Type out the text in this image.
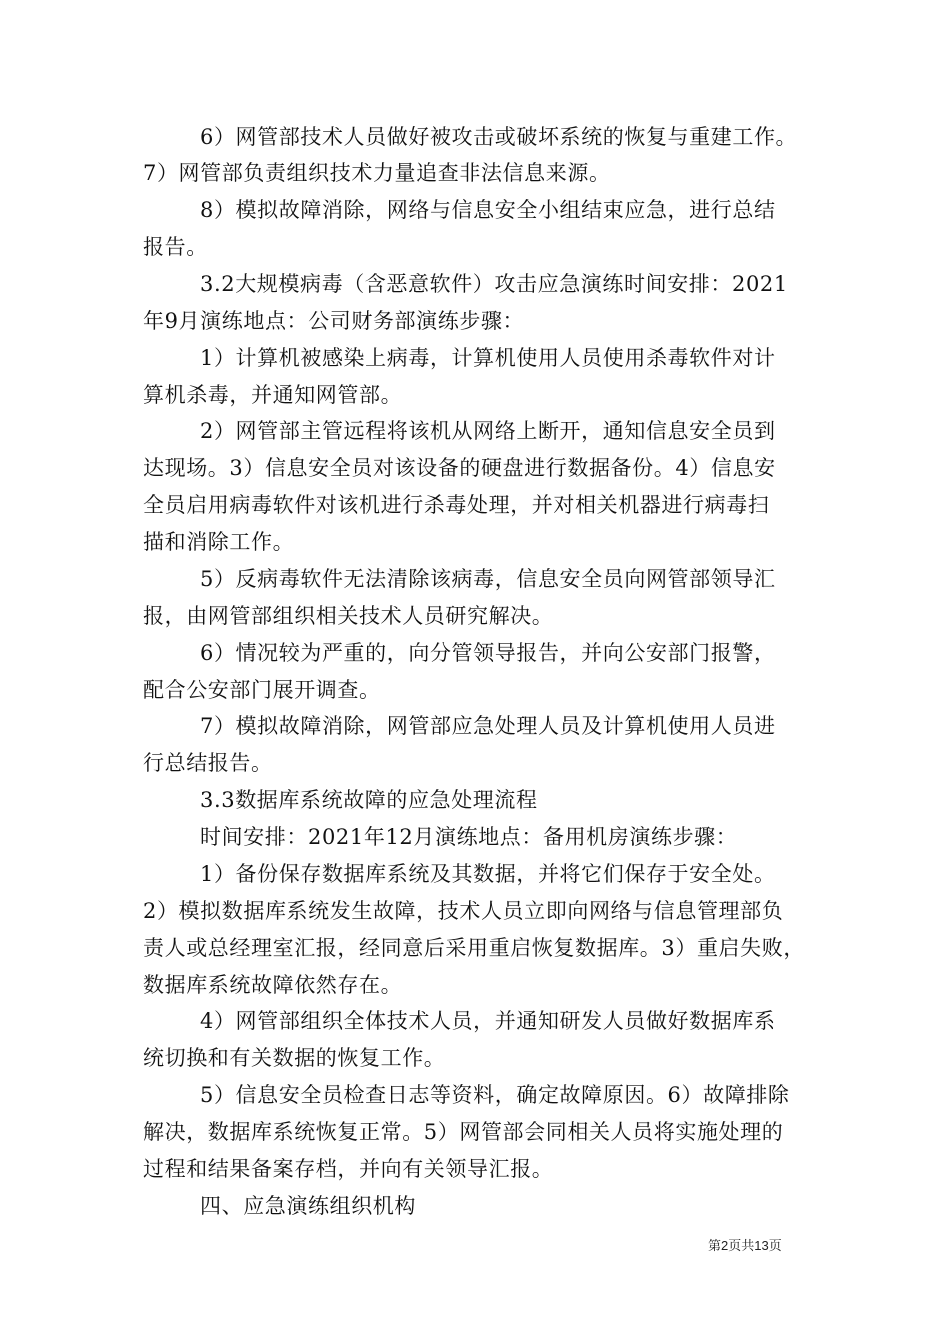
6）网管部技术人员做好被攻击或破坏系统的恢复与重建工作。
7）网管部负责组织技术力量追查非法信息来源。
8）模拟故障消除，网络与信息安全小组结束应急，进行总结
报告。
3.2大规模病毒（含恶意软件）攻击应急演练时间安排：2021
年9月演练地点：公司财务部演练步骤：
1）计算机被感染上病毒，计算机使用人员使用杀毒软件对计
算机杀毒，并通知网管部。
2）网管部主管远程将该机从网络上断开，通知信息安全员到
达现场。3）信息安全员对该设备的硬盘进行数据备份。4）信息安
全员启用病毒软件对该机进行杀毒处理，并对相关机器进行病毒扫
描和消除工作。
5）反病毒软件无法清除该病毒，信息安全员向网管部领导汇
报，由网管部组织相关技术人员研究解决。
6）情况较为严重的，向分管领导报告，并向公安部门报警，
配合公安部门展开调查。
7）模拟故障消除，网管部应急处理人员及计算机使用人员进
行总结报告。
3.3数据库系统故障的应急处理流程
时间安排：2021年12月演练地点：备用机房演练步骤：
1）备份保存数据库系统及其数据，并将它们保存于安全处。
2）模拟数据库系统发生故障，技术人员立即向网络与信息管理部负
责人或总经理室汇报，经同意后采用重启恢复数据库。3）重启失败，
数据库系统故障依然存在。
4）网管部组织全体技术人员，并通知研发人员做好数据库系
统切换和有关数据的恢复工作。
5）信息安全员检查日志等资料，确定故障原因。6）故障排除
解决，数据库系统恢复正常。5）网管部会同相关人员将实施处理的
过程和结果备案存档，并向有关领导汇报。
四、应急演练组织机构
第2页共13页
